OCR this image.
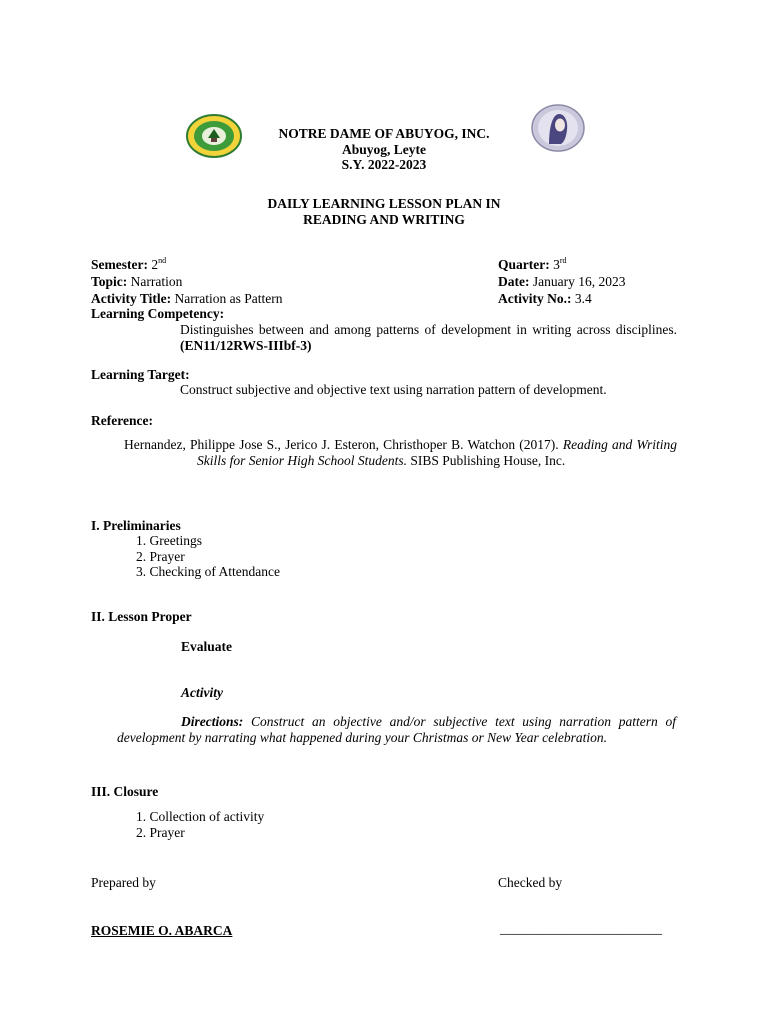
NOTRE DAME OF ABUYOG, INC.
Abuyog, Leyte
S.Y. 2022-2023
DAILY LEARNING LESSON PLAN IN
READING AND WRITING
Semester: 2nd
Topic: Narration
Activity Title: Narration as Pattern
Quarter: 3rd
Date: January 16, 2023
Activity No.: 3.4
Learning Competency:
Distinguishes between and among patterns of development in writing across disciplines. (EN11/12RWS-IIIbf-3)
Learning Target:
Construct subjective and objective text using narration pattern of development.
Reference:
Hernandez, Philippe Jose S., Jerico J. Esteron, Christhoper B. Watchon (2017). Reading and Writing Skills for Senior High School Students. SIBS Publishing House, Inc.
I. Preliminaries
1. Greetings
2. Prayer
3. Checking of Attendance
II. Lesson Proper
Evaluate
Activity
Directions: Construct an objective and/or subjective text using narration pattern of development by narrating what happened during your Christmas or New Year celebration.
III. Closure
1. Collection of activity
2. Prayer
Prepared by	Checked by
ROSEMIE O. ABARCA	________________________
